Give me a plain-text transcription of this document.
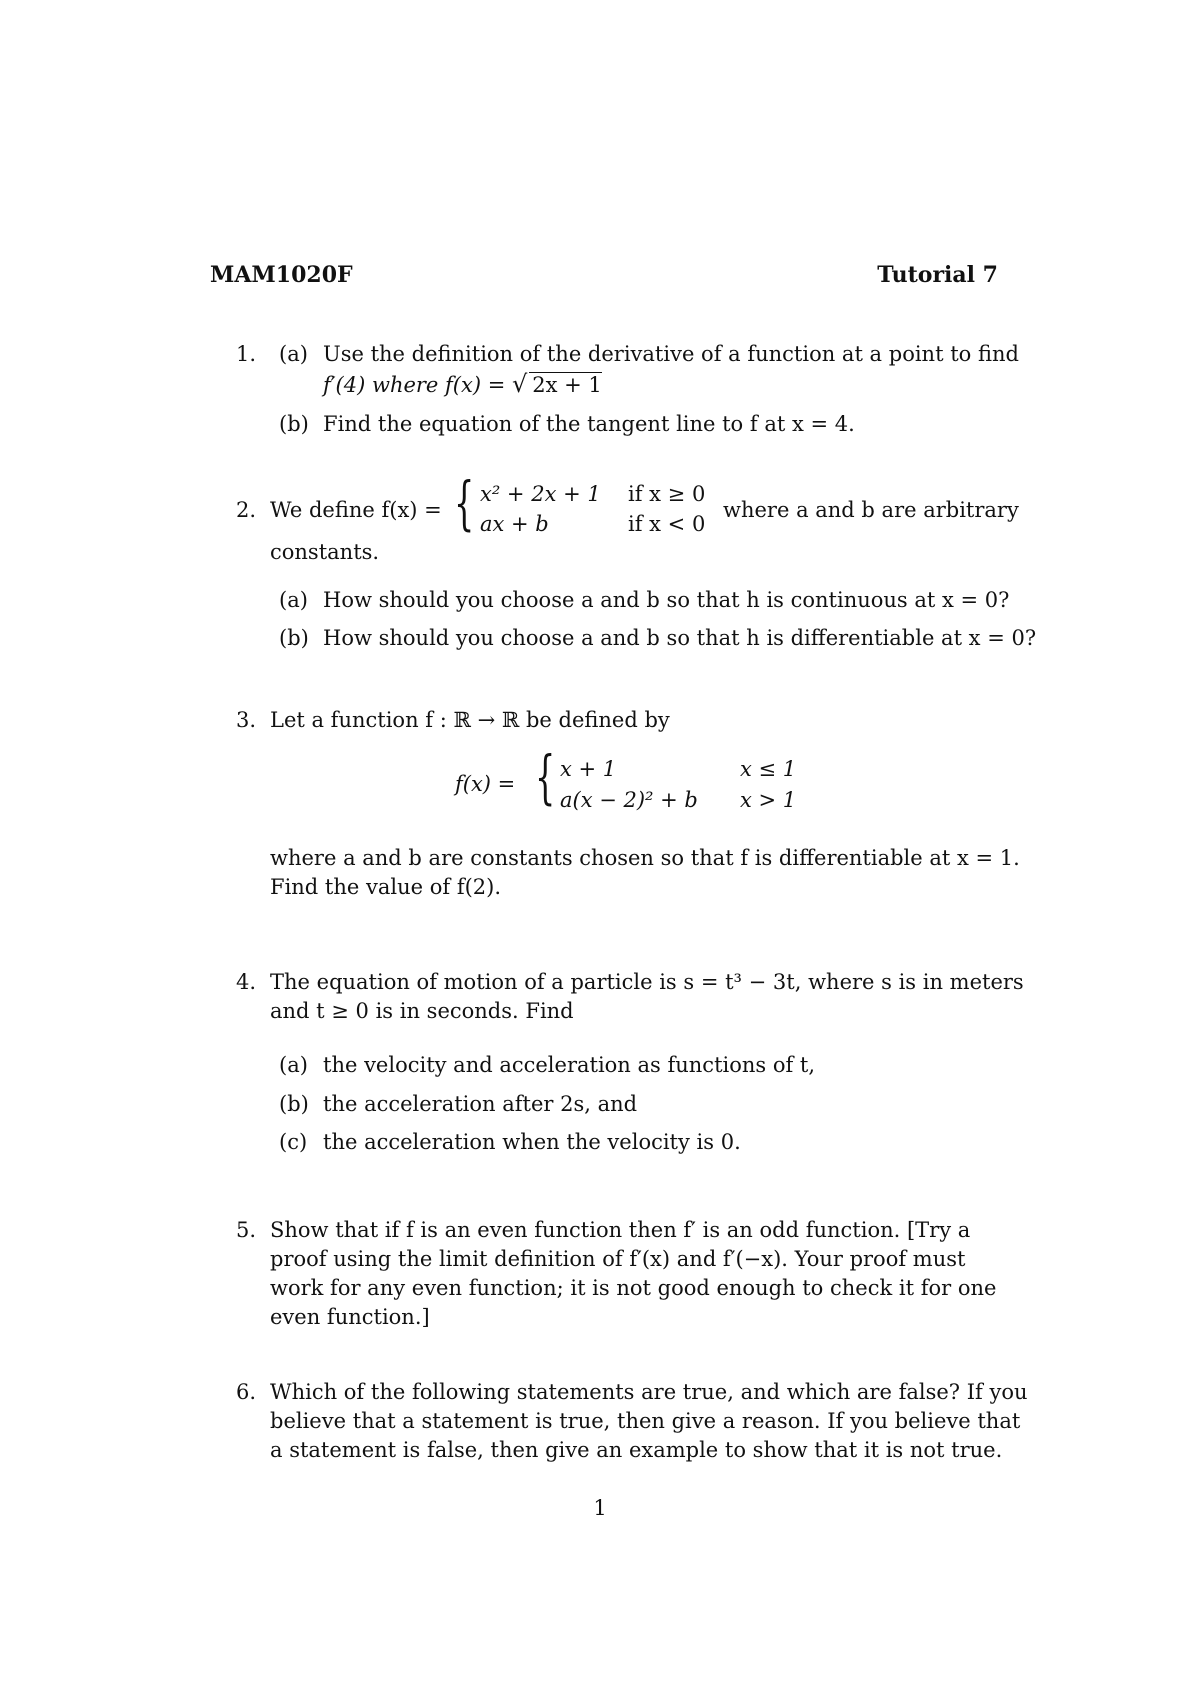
MAM1020F	Tutorial 7
1. (a) Use the definition of the derivative of a function at a point to find
f′(4) where f(x) = √ 2x + 1
(b) Find the equation of the tangent line to f at x = 4.
2. We define f(x) = { x² + 2x + 1 if x ≥ 0
ax + b	if x < 0
where a and b are arbitrary
constants.
(a) How should you choose a and b so that h is continuous at x = 0?
(b) How should you choose a and b so that h is differentiable at x = 0?
3. Let a function f : ℝ → ℝ be defined by
f(x) = { x + 1	x ≤ 1
a(x − 2)² + b x > 1
where a and b are constants chosen so that f is differentiable at x = 1.
Find the value of f(2).
4. The equation of motion of a particle is s = t³ − 3t, where s is in meters
and t ≥ 0 is in seconds. Find
(a) the velocity and acceleration as functions of t,
(b) the acceleration after 2s, and
(c) the acceleration when the velocity is 0.
5. Show that if f is an even function then f′ is an odd function. [Try a
proof using the limit definition of f′(x) and f′(−x). Your proof must
work for any even function; it is not good enough to check it for one
even function.]
6. Which of the following statements are true, and which are false? If you
believe that a statement is true, then give a reason. If you believe that
a statement is false, then give an example to show that it is not true.
1
